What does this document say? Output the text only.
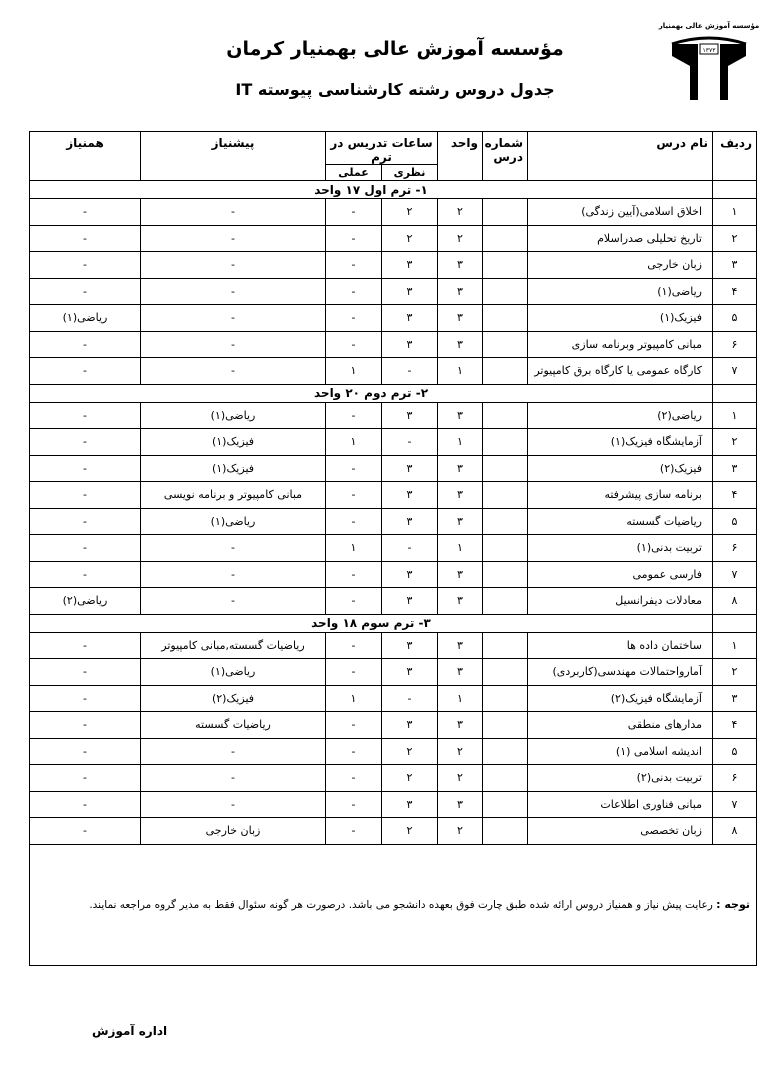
مؤسسه آموزش عالی بهمنیار
۱۳۷۳
مؤسسه آموزش عالی بهمنیار کرمان
جدول دروس رشته کارشناسی پیوسته IT
ردیف	نام درس	شماره درس	واحد	ساعات تدریس در ترم		پیشنیاز	همنیاز
				نظری	عملی		
	۱- ترم اول ۱۷ واحد						
۱	اخلاق اسلامی(آیین زندگی)		۲	۲	-	-	-
۲	تاریخ تحلیلی صدراسلام		۲	۲	-	-	-
۳	زبان خارجی		۳	۳	-	-	-
۴	ریاضی(۱)		۳	۳	-	-	-
۵	فیزیک(۱)		۳	۳	-	-	ریاضی(۱)
۶	مبانی کامپیوتر وبرنامه سازی		۳	۳	-	-	-
۷	کارگاه عمومی یا کارگاه برق کامپیوتر		۱	-	۱	-	-
	۲- ترم دوم ۲۰ واحد						
۱	ریاضی(۲)		۳	۳	-	ریاضی(۱)	-
۲	آزمایشگاه فیزیک(۱)		۱	-	۱	فیزیک(۱)	-
۳	فیزیک(۲)		۳	۳	-	فیزیک(۱)	-
۴	برنامه سازی پیشرفته		۳	۳	-	مبانی کامپیوتر و برنامه نویسی	-
۵	ریاضیات گسسته		۳	۳	-	ریاضی(۱)	-
۶	تربیت بدنی(۱)		۱	-	۱	-	-
۷	فارسی عمومی		۳	۳	-	-	-
۸	معادلات دیفرانسیل		۳	۳	-	-	ریاضی(۲)
	۳- ترم سوم ۱۸ واحد						
۱	ساختمان داده ها		۳	۳	-	ریاضیات گسسته,مبانی کامپیوتر	-
۲	آمارواحتمالات مهندسی(کاربردی)		۳	۳	-	ریاضی(۱)	-
۳	آزمایشگاه فیزیک(۲)		۱	-	۱	فیزیک(۲)	-
۴	مدارهای منطقی		۳	۳	-	ریاضیات گسسته	-
۵	اندیشه اسلامی (۱)		۲	۲	-	-	-
۶	تربیت بدنی(۲)		۲	۲	-	-	-
۷	مبانی فناوری اطلاعات		۳	۳	-	-	-
۸	زبان تخصصی		۲	۲	-	زبان خارجی	-
توجه : رعایت پیش نیاز و همنیاز دروس ارائه شده طبق چارت فوق بعهده دانشجو می باشد. درصورت هر گونه سئوال فقط به مدیر گروه مراجعه نمایند.							
اداره آموزش
